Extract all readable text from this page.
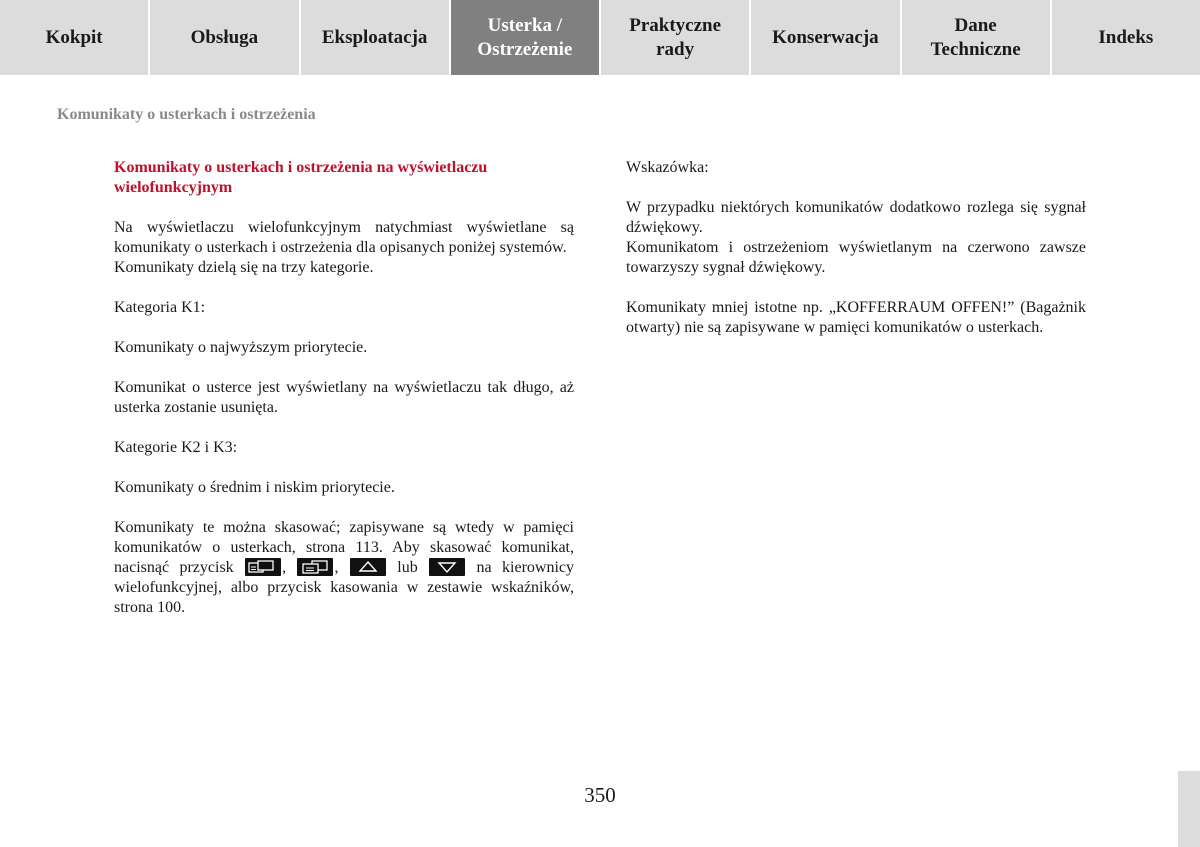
Kokpit	Obsługa	Eksploatacja
Usterka /
Ostrzeżenie
Praktyczne
rady
Konserwacja
Dane
Techniczne
Indeks
Komunikaty o usterkach i ostrzeżenia

Komunikaty o usterkach i ostrzeżenia na wyświetlaczu wielofunkcyjnym

Na wyświetlaczu wielofunkcyjnym natychmiast wyświetlane są komunikaty o usterkach i ostrzeżenia dla opisanych poniżej systemów.
Komunikaty dzielą się na trzy kategorie.

Kategoria K1:

Komunikaty o najwyższym priorytecie.

Komunikat o usterce jest wyświetlany na wyświetlaczu tak długo, aż usterka zostanie usunięta.

Kategorie K2 i K3:

Komunikaty o średnim i niskim priorytecie.

Komunikaty te można skasować; zapisywane są wtedy w pamięci komunikatów o usterkach, strona 113. Aby skasować komunikat, nacisnąć przycisk
,
,
lub
na kierownicy wielofunkcyjnej, albo przycisk kasowania w zestawie wskaźników, strona 100.

Wskazówka:

W przypadku niektórych komunikatów dodatkowo rozlega się sygnał dźwiękowy.
Komunikatom i ostrzeżeniom wyświetlanym na czerwono zawsze towarzyszy sygnał dźwiękowy.

Komunikaty mniej istotne np. „KOFFERRAUM OFFEN!” (Bagażnik otwarty) nie są zapisywane w pamięci komunikatów o usterkach.

350
